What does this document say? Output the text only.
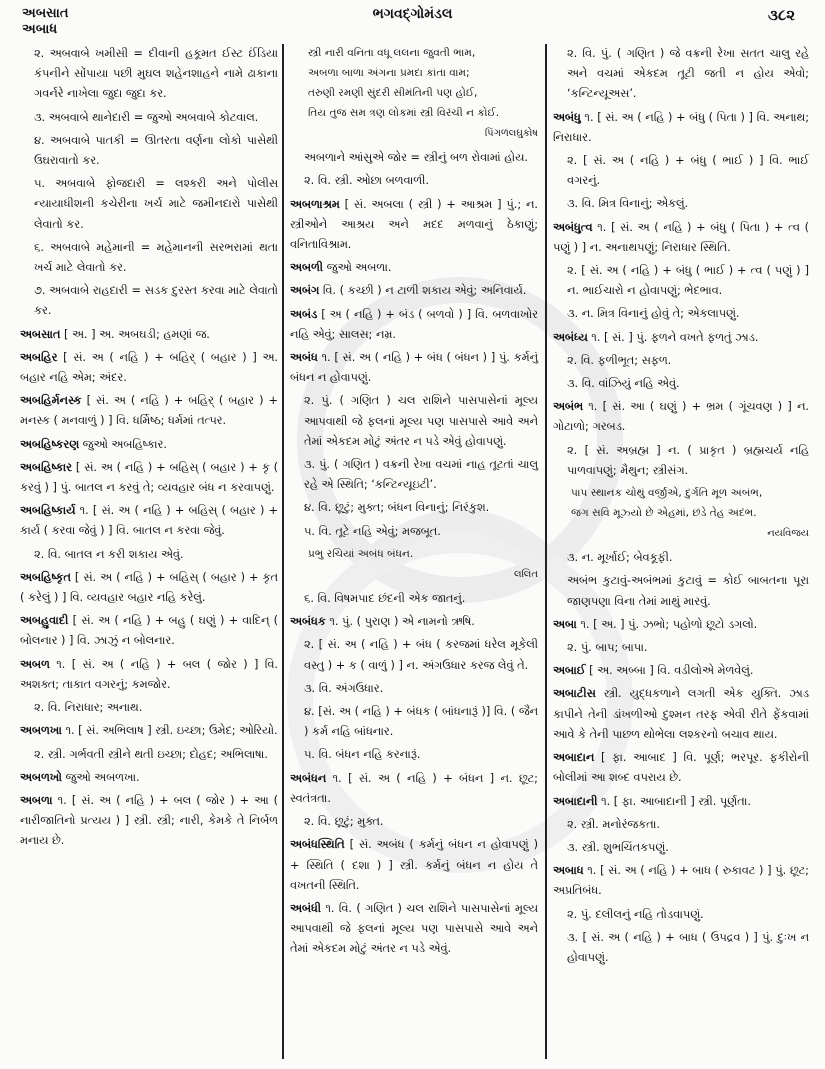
અબસાત
અબાધ
ભગવદ્ગોમંડલ	૩૮૨
૨. અબવાબે ખમીસી = દીવાની હકૂમત ઈસ્ટ ઈંડિયા કંપનીને સોંપાયા પછી મુઘલ શહેનશાહને નામે ઢાકાના ગવર્નરે નાખેલા જુદા જુદા કર.
૩. અબવાબે થાનેદારી = જુઓ અબવાબે કોટવાલ.
૪. અબવાબે પાતકી = ઊતરતા વર્ણના લોકો પાસેથી ઉઘરાવાતો કર.
૫. અબવાબે ફોજદારી = લશ્કરી અને પોલીસ ન્યાયાધીશની કચેરીના ખર્ચ માટે જમીનદારો પાસેથી લેવાતો કર.
૬. અબવાબે મહેમાની = મહેમાનની સરભરામાં થતા ખર્ચ માટે લેવાતો કર.
૭. અબવાબે રાહદારી = સડક દુરસ્ત કરવા માટે લેવાતો કર.
અબસાત [ અ. ] અ. અબઘડી; હમણાં જ.
અબહિર [ સં. અ ( નહિ ) + બહિર્ ( બહાર ) ] અ. બહાર નહિ એમ; અંદર.
અબહિર્મનસ્ક [ સં. અ ( નહિ ) + બહિર્ ( બહાર ) + મનસ્ક ( મનવાળું ) ] વિ. ધર્મિષ્ઠ; ધર્મમાં તત્પર.
અબહિષ્કરણ જુઓ અબહિષ્કાર.
અબહિષ્કાર [ સં. અ ( નહિ ) + બહિસ્ ( બહાર ) + કૃ ( કરવું ) ] પું. બાતલ ન કરવું તે; વ્યવહાર બંધ ન કરવાપણું.
અબહિષ્કાર્ય ૧. [ સં. અ ( નહિ ) + બહિસ્ ( બહાર ) + કાર્ય ( કરવા જેવું ) ] વિ. બાતલ ન કરવા જેવું.
૨. વિ. બાતલ ન કરી શકાય એવું.
અબહિષ્કૃત [ સં. અ ( નહિ ) + બહિસ્ ( બહાર ) + કૃત ( કરેલું ) ] વિ. વ્યવહાર બહાર નહિ કરેલું.
અબહુવાદી [ સં. અ ( નહિ ) + બહુ ( ઘણું ) + વાદિન્ ( બોલનાર ) ] વિ. ઝાઝું ન બોલનાર.
અબળ ૧. [ સં. અ ( નહિ ) + બલ ( જોર ) ] વિ. અશક્ત; તાકાત વગરનું; કમજોર.
૨. વિ. નિરાધાર; અનાથ.
અબળખા ૧. [ સં. અભિલાષ ] સ્ત્રી. ઇચ્છા; ઉમેદ; ઓરિયો.
૨. સ્ત્રી. ગર્ભવતી સ્ત્રીને થતી ઇચ્છા; દોહદ; અભિલાષા.
અબળખો જુઓ અબળખા.
અબળા ૧. [ સં. અ ( નહિ ) + બલ ( જોર ) + આ ( નારીજાતિનો પ્રત્યય ) ] સ્ત્રી. સ્ત્રી; નારી, કેમકે તે નિર્બળ મનાય છે.
સ્ત્રી નારી વનિતા વધૂ લલના જુવતી ભામ,
અબળા બાળા અંગના પ્રમદા કાંતા વામ;
તરુણી રમણી સુંદરી સીમંતિની પણ હોઈ,
તિય તુજ સમ ત્રણ લોકમાં સ્ત્રી વિરંચી ન કોઈ.
પિંગળલઘુકોષ
અબળાને આંસુએ જોર = સ્ત્રીનું બળ રોવામાં હોય.
૨. વિ. સ્ત્રી. ઓછા બળવાળી.
અબળાશ્રમ [ સં. અબલા ( સ્ત્રી ) + આશ્રમ ] પું.; ન. સ્ત્રીઓને આશ્રય અને મદદ મળવાનું ઠેકાણું; વનિતાવિશ્રામ.
અબળી જુઓ અબળા.
અબંગ વિ. ( કચ્છી ) ન ટાળી શકાય એવું; અનિવાર્ય.
અબંડ [ અ ( નહિ ) + બંડ ( બળવો ) ] વિ. બળવાખોર નહિ એવું; સાલસ; નમ્ર.
અબંધ ૧. [ સં. અ ( નહિ ) + બંધ ( બંધન ) ] પું. કર્મનું બંધન ન હોવાપણું.
૨. પું. ( ગણિત ) ચલ રાશિને પાસપાસેનાં મૂલ્ય આપવાથી જે ફલનાં મૂલ્ય પણ પાસપાસે આવે અને તેમાં એકદમ મોટું અંતર ન પડે એવું હોવાપણું.
૩. પું. ( ગણિત ) વક્રની રેખા વચમાં નાહ તૂટતાં ચાલુ રહે એ સ્થિતિ; ‘કન્ટિન્યૂઇટી’.
૪. વિ. છૂટું; મુક્ત; બંધન વિનાનું; નિરંકુશ.
૫. વિ. તૂટે નહિ એવું; મજબૂત.
પ્રભુ રચિયાં અબંધ બંધન.
લલિત
૬. વિ. વિષમપાદ છંદની એક જાતનું.
અબંધક ૧. પું. ( પુરાણ ) એ નામનો ઋષિ.
૨. [ સં. અ ( નહિ ) + બંધ ( કરજમાં ધરેલ મૂકેલી વસ્તુ ) + ક ( વાળું ) ] ન. અંગઉધાર કરજ લેવું તે.
૩. વિ. અંગઉધાર.
૪. [સં. અ ( નહિ ) + બંધક ( બાંધનારૂં )] વિ. ( જૈન ) કર્મ નહિ બાંધનાર.
૫. વિ. બંધન નહિ કરનારૂં.
અબંધન ૧. [ સં. અ ( નહિ ) + બંધન ] ન. છૂટ; સ્વતંત્રતા.
૨. વિ. છૂટું; મુક્ત.
અબંધસ્થિતિ [ સં. અબંધ ( કર્મનું બંધન ન હોવાપણું ) + સ્થિતિ ( દશા ) ] સ્ત્રી. કર્મનું બંધન ન હોય તે વખતની સ્થિતિ.
અબંધી ૧. વિ. ( ગણિત ) ચલ રાશિને પાસપાસેનાં મૂલ્ય આપવાથી જે ફલનાં મૂલ્ય પણ પાસપાસે આવે અને તેમાં એકદમ મોટું અંતર ન પડે એવું.
૨. વિ. પું. ( ગણિત ) જે વક્રની રેખા સતત ચાલુ રહે અને વચમાં એકદમ તૂટી જતી ન હોય એવો; ‘કન્ટિન્યૂઅસ’.
અબંધુ ૧. [ સં. અ ( નહિ ) + બંધુ ( પિતા ) ] વિ. અનાથ; નિરાધાર.
૨. [ સં. અ ( નહિ ) + બંધુ ( ભાઈ ) ] વિ. ભાઈ વગરનું.
૩. વિ. મિત્ર વિનાનું; એકલું.
અબંધુત્વ ૧. [ સં. અ ( નહિ ) + બંધુ ( પિતા ) + ત્વ ( પણું ) ] ન. અનાથપણું; નિરાધાર સ્થિતિ.
૨. [ સં. અ ( નહિ ) + બંધુ ( ભાઈ ) + ત્વ ( પણું ) ] ન. ભાઈચારો ન હોવાપણું; ભેદભાવ.
૩. ન. મિત્ર વિનાનું હોવું તે; એકલાપણું.
અબંધ્ય ૧. [ સં. ] પું. ફળને વખતે ફળતું ઝાડ.
૨. વિ. ફળીભૂત; સફળ.
૩. વિ. વાંઝિયું નહિ એવું.
અબંભ ૧. [ સં. આ ( ઘણું ) + ભ્રમ ( ગૂંચવણ ) ] ન. ગોટાળો; ગરબડ.
૨. [ સં. અબ્રહ્મ ] ન. ( પ્રાકૃત ) બ્રહ્મચર્ય નહિ પાળવાપણું; મૈથુન; સ્ત્રીસંગ.
પાપ સ્થાનક ચોથું વર્જીએ, દુર્ગતિ મૂળ અબંભ,
જગ સવિ મૂઝ્યો છે એહમાં, છંડે તેહ અદંભ.
નયવિજય
૩. ન. મૂર્ખાઈ; બેવકૂફી.
અબંભ કુટાવું-અબંભમાં કુટાવું = કોઈ બાબતના પૂરા જાણપણા વિના તેમાં માથું મારવું.
અબા ૧. [ અ. ] પું. ઝભો; પહોળો છૂટો ડગલો.
૨. પું. બાપ; બાપા.
અબાઈ [ અ. અબ્બા ] વિ. વડીલોએ મેળવેલું.
અબાટીસ સ્ત્રી. યુદ્ધકળાને લગતી એક યુક્તિ. ઝાડ કાપીને તેની ડાંખળીઓ દુશ્મન તરફ એવી રીતે ફેંકવામાં આવે કે તેની પાછળ થોભેલા લશ્કરનો બચાવ થાય.
અબાદાન [ ફા. આબાદ ] વિ. પૂર્ણ; ભરપૂર. ફકીરોની બોલીમાં આ શબ્દ વપરાય છે.
અબાદાની ૧. [ ફા. આબાદાની ] સ્ત્રી. પૂર્ણતા.
૨. સ્ત્રી. મનોરંજકતા.
૩. સ્ત્રી. શુભચિંતકપણું.
અબાધ ૧. [ સં. અ ( નહિ ) + બાધ ( રુકાવટ ) ] પું. છૂટ; અપ્રતિબંધ.
૨. પું. દલીલનું નહિ તોડવાપણું.
૩. [ સં. અ ( નહિ ) + બાધ ( ઉપદ્રવ ) ] પું. દુઃખ ન હોવાપણું.
